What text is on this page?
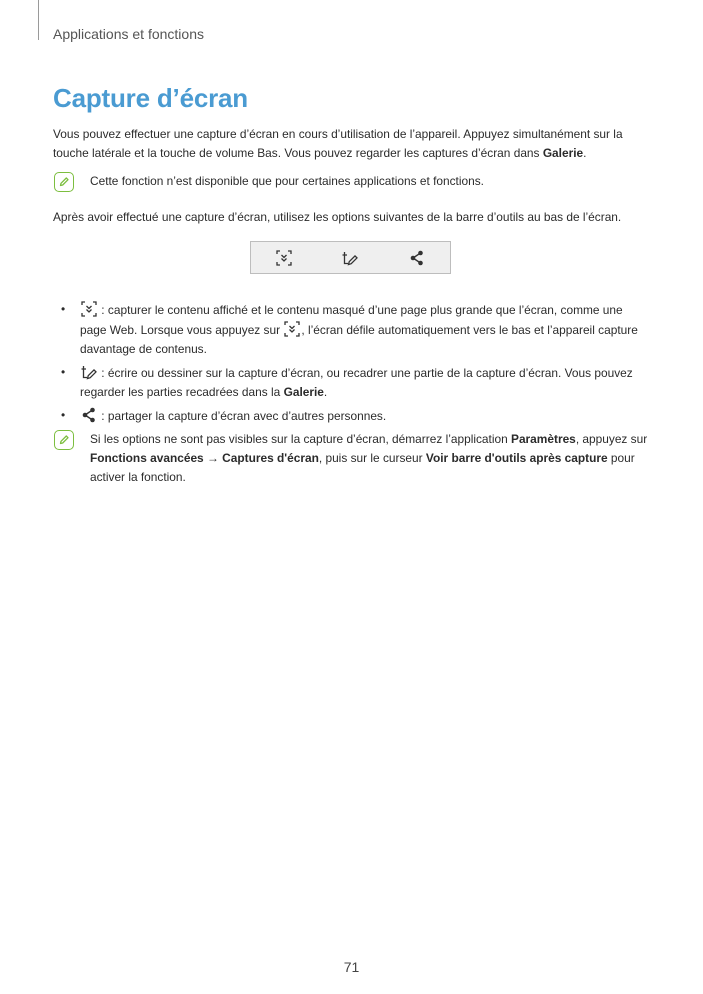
Applications et fonctions
Capture d’écran

Vous pouvez effectuer une capture d’écran en cours d’utilisation de l’appareil. Appuyez simultanément sur la touche latérale et la touche de volume Bas. Vous pouvez regarder les captures d’écran dans Galerie.

Cette fonction n’est disponible que pour certaines applications et fonctions.

Après avoir effectué une capture d’écran, utilisez les options suivantes de la barre d’outils au bas de l’écran.

•	: capturer le contenu affiché et le contenu masqué d’une page plus grande que l’écran, comme une page Web. Lorsque vous appuyez sur
, l’écran défile automatiquement vers le bas et l’appareil capture davantage de contenus.
•	: écrire ou dessiner sur la capture d’écran, ou recadrer une partie de la capture d’écran. Vous pouvez regarder les parties recadrées dans la Galerie.
•	: partager la capture d’écran avec d’autres personnes.
Si les options ne sont pas visibles sur la capture d’écran, démarrez l’application Paramètres, appuyez sur Fonctions avancées → Captures d'écran, puis sur le curseur Voir barre d'outils après capture pour activer la fonction.
71
